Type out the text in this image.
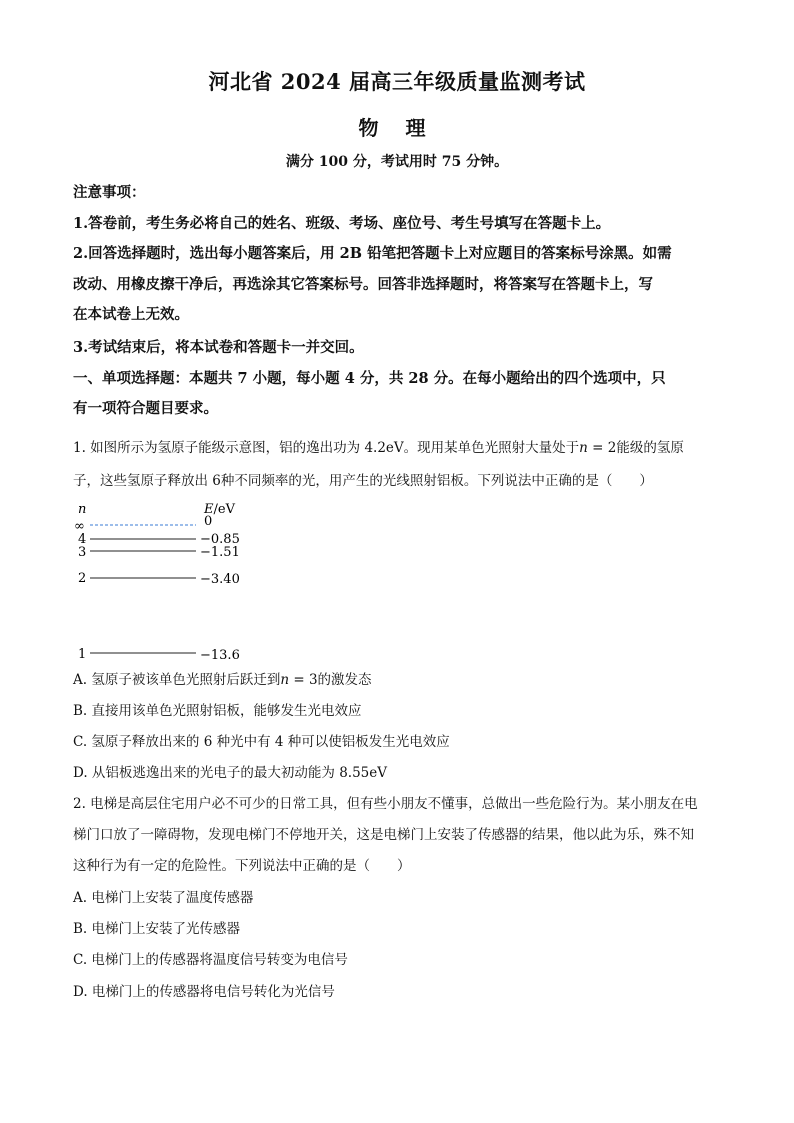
河北省 2024 届高三年级质量监测考试
物 理
满分 100 分，考试用时 75 分钟。
注意事项：
1.答卷前，考生务必将自己的姓名、班级、考场、座位号、考生号填写在答题卡上。
2.回答选择题时，选出每小题答案后，用 2B 铅笔把答题卡上对应题目的答案标号涂黑。如需
改动、用橡皮擦干净后，再选涂其它答案标号。回答非选择题时，将答案写在答题卡上，写
在本试卷上无效。
3.考试结束后，将本试卷和答题卡一并交回。
一、单项选择题：本题共 7 小题，每小题 4 分，共 28 分。在每小题给出的四个选项中，只
有一项符合题目要求。
1. 如图所示为氢原子能级示意图，铝的逸出功为 4.2eV。现用某单色光照射大量处于n = 2能级的氢原
子，这些氢原子释放出 6种不同频率的光，用产生的光线照射铝板。下列说法中正确的是（　　）
n	E/eV
∞	0
4	−0.85
3	−1.51
2	−3.40
1	−13.6
A. 氢原子被该单色光照射后跃迁到n = 3的激发态
B. 直接用该单色光照射铝板，能够发生光电效应
C. 氢原子释放出来的 6 种光中有 4 种可以使铝板发生光电效应
D. 从铝板逃逸出来的光电子的最大初动能为 8.55eV
2. 电梯是高层住宅用户必不可少的日常工具，但有些小朋友不懂事，总做出一些危险行为。某小朋友在电
梯门口放了一障碍物，发现电梯门不停地开关，这是电梯门上安装了传感器的结果，他以此为乐，殊不知
这种行为有一定的危险性。下列说法中正确的是（　　）
A. 电梯门上安装了温度传感器
B. 电梯门上安装了光传感器
C. 电梯门上的传感器将温度信号转变为电信号
D. 电梯门上的传感器将电信号转化为光信号
